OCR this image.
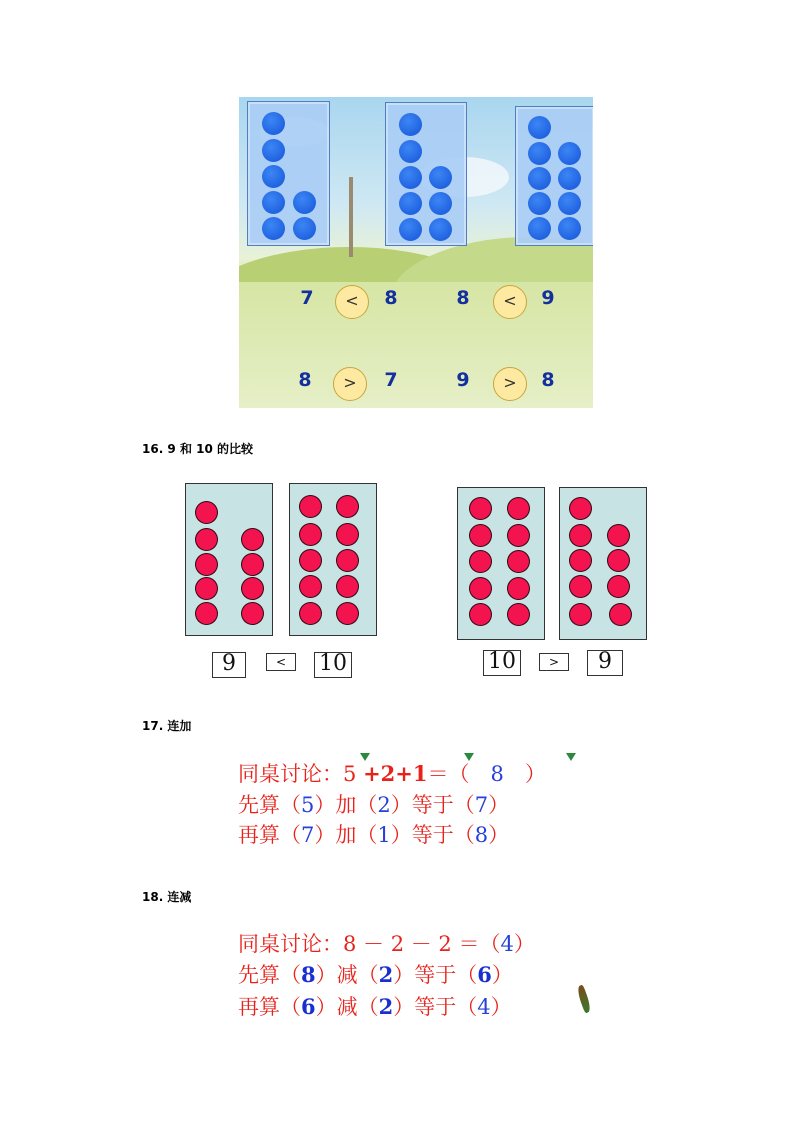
7	<	8	8	<	9
8	>	7	9	>	8
16. 9 和 10 的比较
9	<	10	10	>	9
17. 连加
同桌讨论：5 +2+1＝（  8  ）
先算（5）加（2）等于（7）
再算（7）加（1）等于（8）
18. 连减
同桌讨论：8 － 2 － 2 ＝（4）
先算（8）减（2）等于（6）
再算（6）减（2）等于（4）
